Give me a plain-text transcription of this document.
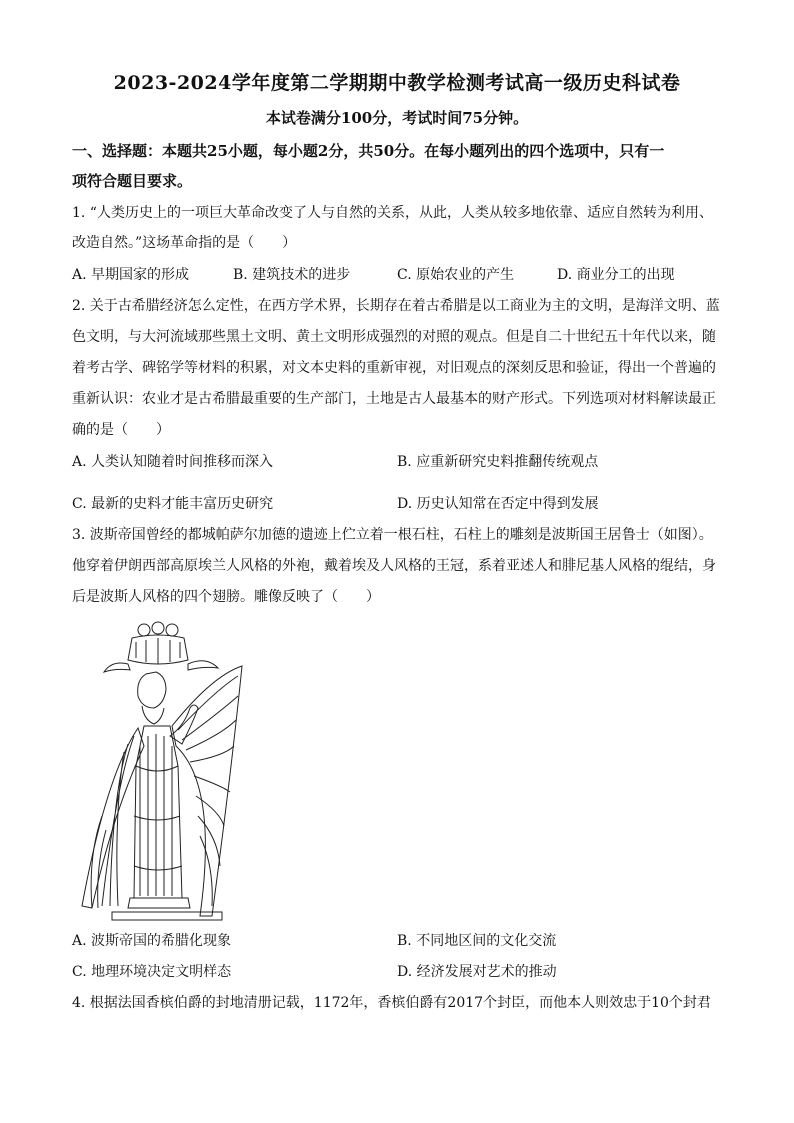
2023-2024学年度第二学期期中教学检测考试高一级历史科试卷
本试卷满分100分，考试时间75分钟。
一、选择题：本题共25小题，每小题2分，共50分。在每小题列出的四个选项中，只有一
项符合题目要求。
1. “人类历史上的一项巨大革命改变了人与自然的关系，从此，人类从较多地依靠、适应自然转为利用、
改造自然。”这场革命指的是（　　）
A. 早期国家的形成	B. 建筑技术的进步	C. 原始农业的产生	D. 商业分工的出现
2. 关于古希腊经济怎么定性，在西方学术界，长期存在着古希腊是以工商业为主的文明，是海洋文明、蓝
色文明，与大河流域那些黑土文明、黄土文明形成强烈的对照的观点。但是自二十世纪五十年代以来，随
着考古学、碑铭学等材料的积累，对文本史料的重新审视，对旧观点的深刻反思和验证，得出一个普遍的
重新认识：农业才是古希腊最重要的生产部门，土地是古人最基本的财产形式。下列选项对材料解读最正
确的是（　　）
A. 人类认知随着时间推移而深入	B. 应重新研究史料推翻传统观点
C. 最新的史料才能丰富历史研究	D. 历史认知常在否定中得到发展
3. 波斯帝国曾经的都城帕萨尔加德的遗迹上伫立着一根石柱，石柱上的雕刻是波斯国王居鲁士（如图）。
他穿着伊朗西部高原埃兰人风格的外袍，戴着埃及人风格的王冠，系着亚述人和腓尼基人风格的绲结，身
后是波斯人风格的四个翅膀。雕像反映了（　　）
A. 波斯帝国的希腊化现象	B. 不同地区间的文化交流
C. 地理环境决定文明样态	D. 经济发展对艺术的推动
4. 根据法国香槟伯爵的封地清册记载，1172年，香槟伯爵有2017个封臣，而他本人则效忠于10个封君
